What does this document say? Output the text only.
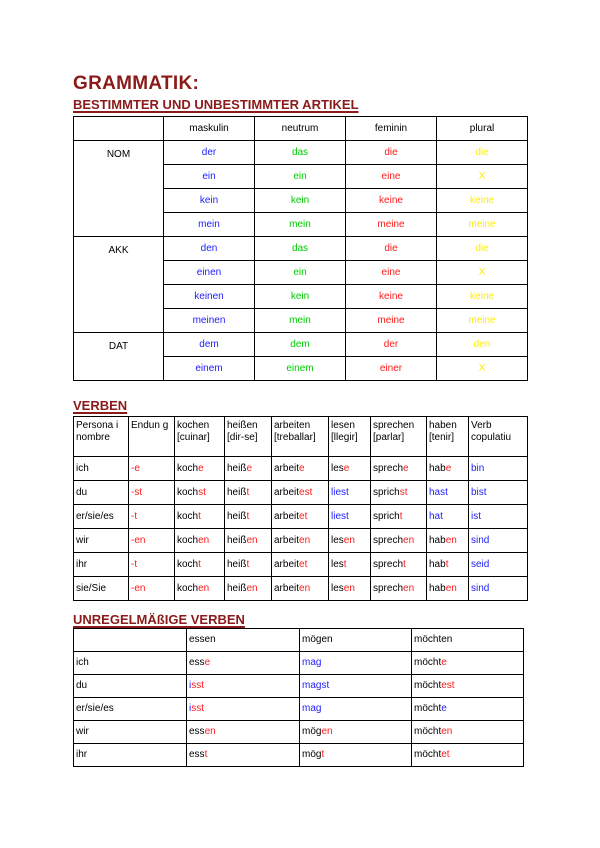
GRAMMATIK:
BESTIMMTER UND UNBESTIMMTER ARTIKEL
	maskulin	neutrum	feminin	plural
NOM	der	das	die	die
	ein	ein	eine	X
	kein	kein	keine	keine
	mein	mein	meine	meine
AKK	den	das	die	die
	einen	ein	eine	X
	keinen	kein	keine	keine
	meinen	mein	meine	meine
DAT	dem	dem	der	den
	einem	einem	einer	X
VERBEN
Persona i nombre	Endun g	kochen [cuinar]	heißen [dir-se]	arbeiten [treballar]	lesen [llegir]	sprechen [parlar]	haben [tenir]	Verb copulatiu
ich	-e	koche	heiße	arbeite	lese	spreche	habe	bin
du	-st	kochst	heißt	arbeitest	liest	sprichst	hast	bist
er/sie/es	-t	kocht	heißt	arbeitet	liest	spricht	hat	ist
wir	-en	kochen	heißen	arbeiten	lesen	sprechen	haben	sind
ihr	-t	kocht	heißt	arbeitet	lest	sprecht	habt	seid
sie/Sie	-en	kochen	heißen	arbeiten	lesen	sprechen	haben	sind
UNREGELMÄßIGE VERBEN
	essen	mögen	möchten
ich	esse	mag	möchte
du	isst	magst	möchtest
er/sie/es	isst	mag	möchte
wir	essen	mögen	möchten
ihr	esst	mögt	möchtet
